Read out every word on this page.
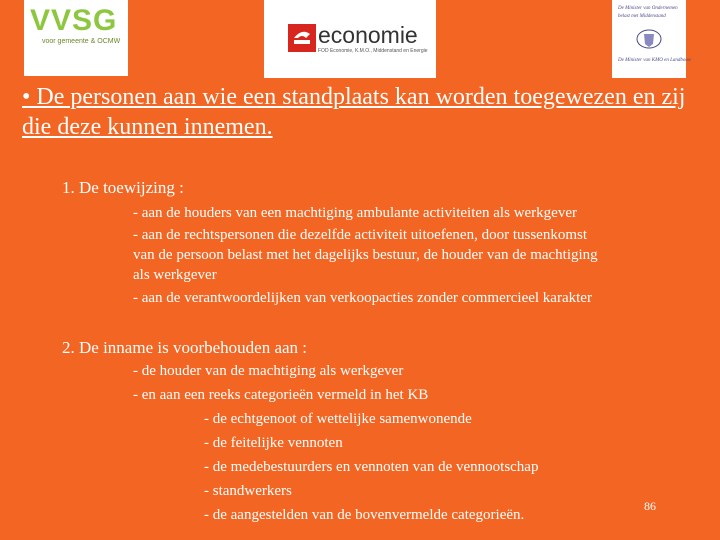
VVSG
voor gemeente & OCMW	economie
FOD Economie, K.M.O., Middenstand en Energie
De Minister van Ondernemen
belast met Middenstand
De Minister van KMO en Landbouw
• De personen aan wie een standplaats kan worden toegewezen en zij die deze kunnen innemen.
1. De toewijzing :
- aan de houders van een machtiging ambulante activiteiten als werkgever
- aan de rechtspersonen die dezelfde activiteit uitoefenen, door tussenkomst
van de persoon belast met het dagelijks bestuur, de houder van de machtiging
als werkgever
- aan de verantwoordelijken van verkoopacties zonder commercieel karakter
2. De inname is voorbehouden aan :
- de houder van de machtiging als werkgever
- en aan een reeks categorieën vermeld in het KB
- de echtgenoot of wettelijke samenwonende
- de feitelijke vennoten
- de medebestuurders en vennoten van de vennootschap
- standwerkers
- de aangestelden van de bovenvermelde categorieën.
86
